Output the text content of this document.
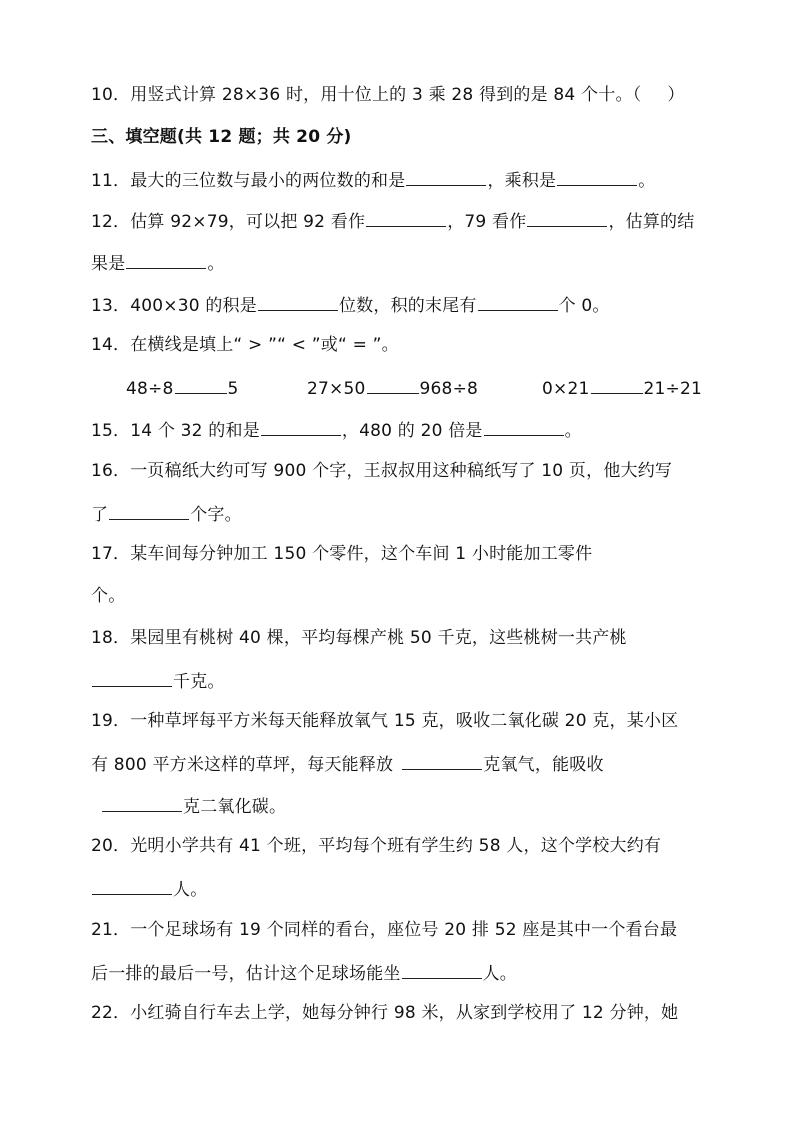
10．用竖式计算 28×36 时，用十位上的 3 乘 28 得到的是 84 个十。（ ）
三、填空题(共 12 题；共 20 分)
11．最大的三位数与最小的两位数的和是	，乘积是	。
12．估算 92×79，可以把 92 看作	，79 看作	，估算的结
果是	。
13．400×30 的积是	位数，积的末尾有	个 0。
14．在横线是填上“ > ”“ < ”或“ = ”。
48÷8	5	27×50	968÷8	0×21	21÷21
15．14 个 32 的和是	，480 的 20 倍是	。
16．一页稿纸大约可写 900 个字，王叔叔用这种稿纸写了 10 页，他大约写
了	个字。
17．某车间每分钟加工 150 个零件，这个车间 1 小时能加工零件
个。
18．果园里有桃树 40 棵，平均每棵产桃 50 千克，这些桃树一共产桃
千克。
19．一种草坪每平方米每天能释放氧气 15 克，吸收二氧化碳 20 克，某小区
有 800 平方米这样的草坪，每天能释放	克氧气，能吸收
克二氧化碳。
20．光明小学共有 41 个班，平均每个班有学生约 58 人，这个学校大约有
人。
21．一个足球场有 19 个同样的看台，座位号 20 排 52 座是其中一个看台最
后一排的最后一号，估计这个足球场能坐	人。
22．小红骑自行车去上学，她每分钟行 98 米，从家到学校用了 12 分钟，她
